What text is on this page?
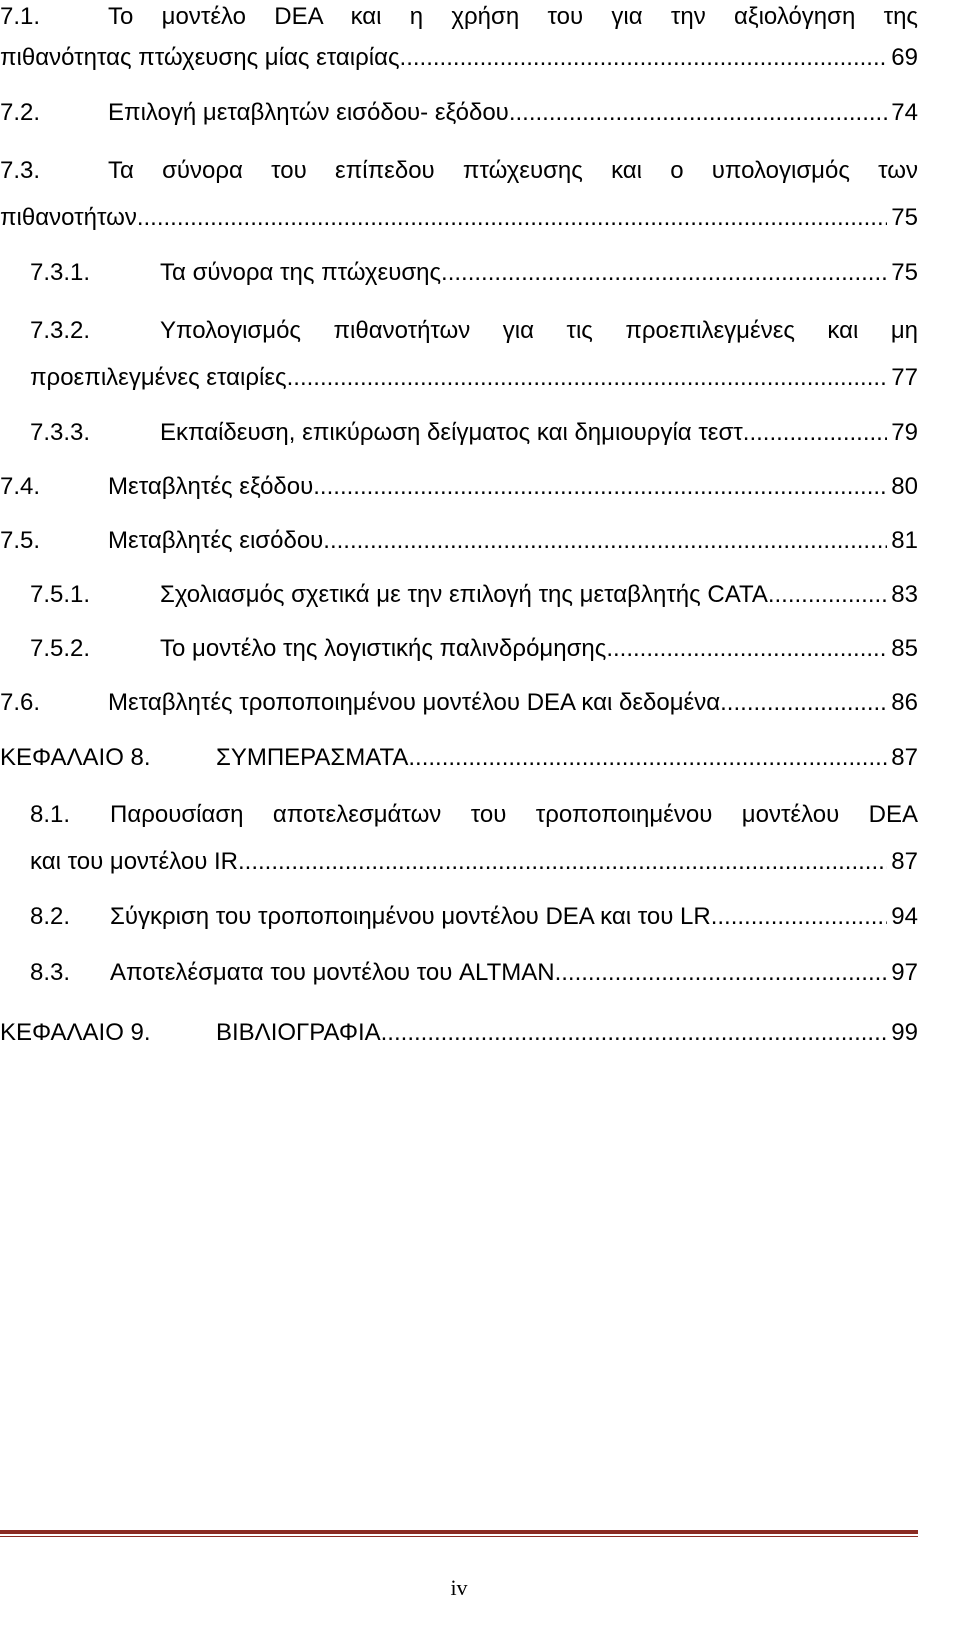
7.1.	Το μοντέλο DEA και η χρήση του για την αξιολόγηση της
πιθανότητας πτώχευσης μίας εταιρίας. .....	69
7.2.	Επιλογή μεταβλητών εισόδου- εξόδου .....	74
7.3.	Τα σύνορα του επίπεδου πτώχευσης και ο υπολογισμός των
πιθανοτήτων. .....	75
7.3.1.	Τα σύνορα της πτώχευσης. .....	75
7.3.2.	Υπολογισμός πιθανοτήτων για τις προεπιλεγμένες και μη
προεπιλεγμένες εταιρίες. .....	77
7.3.3.	Εκπαίδευση, επικύρωση δείγματος και δημιουργία τεστ .....	79
7.4.	Μεταβλητές εξόδου .....	80
7.5.	Μεταβλητές εισόδου .....	81
7.5.1.	Σχολιασμός σχετικά με την επιλογή της μεταβλητής CATA .....	83
7.5.2.	Το μοντέλο της λογιστικής παλινδρόμησης .....	85
7.6.	Μεταβλητές τροποποιημένου μοντέλου DEA και δεδομένα .....	86
ΚΕΦΑΛΑΙΟ 8.	ΣΥΜΠΕΡΑΣΜΑΤΑ .....	87
8.1. Παρουσίαση αποτελεσμάτων του τροποποιημένου μοντέλου DEA
και του μοντέλου IR. .....	87
8.2. Σύγκριση του τροποποιημένου μοντέλου DEA και του LR .....	94
8.3. Αποτελέσματα του μοντέλου του ALTMAN .....	97
ΚΕΦΑΛΑΙΟ 9.	ΒΙΒΛΙΟΓΡΑΦΙΑ .....	99
iv
